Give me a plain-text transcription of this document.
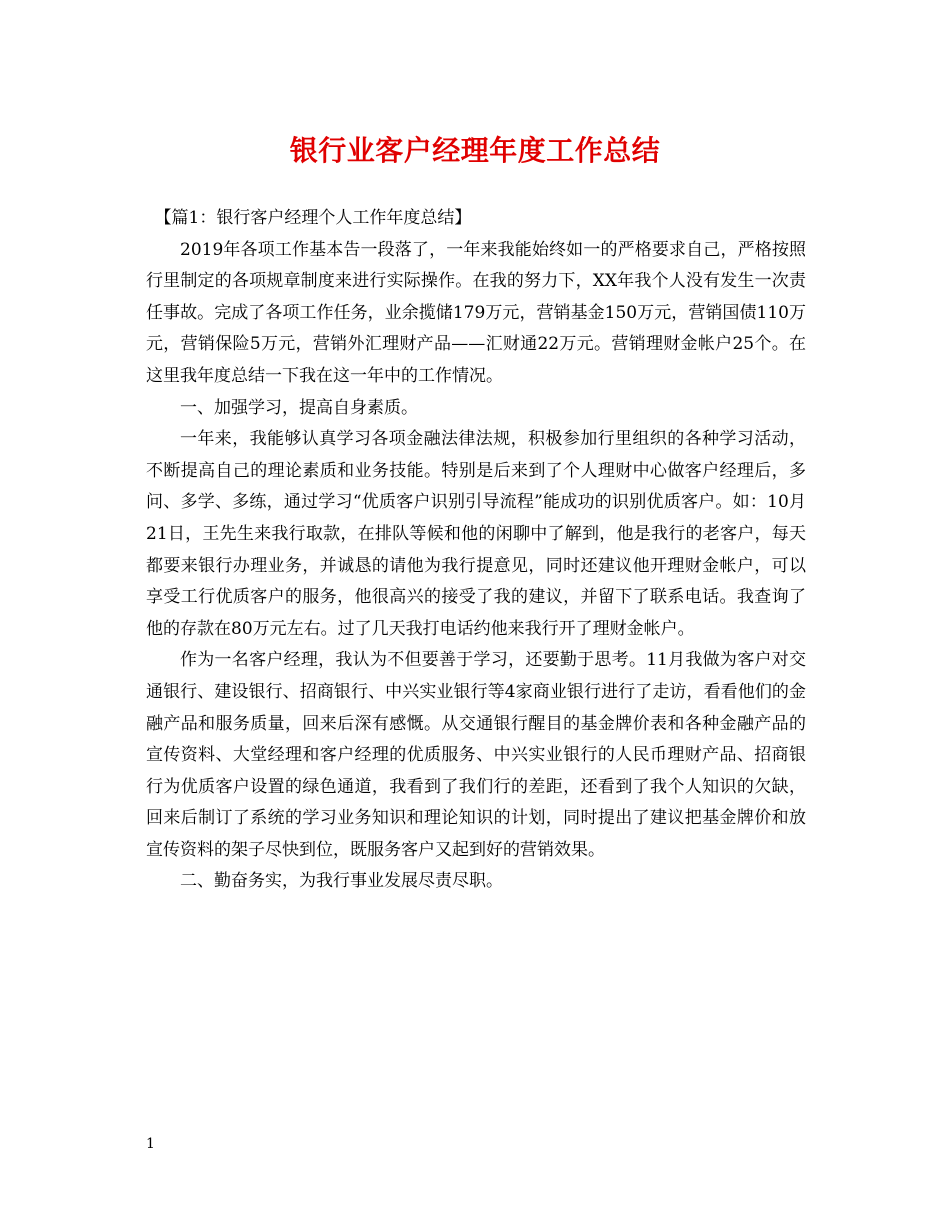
银行业客户经理年度工作总结

【篇1：银行客户经理个人工作年度总结】

2019年各项工作基本告一段落了，一年来我能始终如一的严格要求自己，严格按照行里制定的各项规章制度来进行实际操作。在我的努力下，XX年我个人没有发生一次责任事故。完成了各项工作任务，业余揽储179万元，营销基金150万元，营销国债110万元，营销保险5万元，营销外汇理财产品——汇财通22万元。营销理财金帐户25个。在这里我年度总结一下我在这一年中的工作情况。

一、加强学习，提高自身素质。

一年来，我能够认真学习各项金融法律法规，积极参加行里组织的各种学习活动，不断提高自己的理论素质和业务技能。特别是后来到了个人理财中心做客户经理后，多问、多学、多练，通过学习“优质客户识别引导流程”能成功的识别优质客户。如：10月21日，王先生来我行取款，在排队等候和他的闲聊中了解到，他是我行的老客户，每天都要来银行办理业务，并诚恳的请他为我行提意见，同时还建议他开理财金帐户，可以享受工行优质客户的服务，他很高兴的接受了我的建议，并留下了联系电话。我查询了他的存款在80万元左右。过了几天我打电话约他来我行开了理财金帐户。

作为一名客户经理，我认为不但要善于学习，还要勤于思考。11月我做为客户对交通银行、建设银行、招商银行、中兴实业银行等4家商业银行进行了走访，看看他们的金融产品和服务质量，回来后深有感慨。从交通银行醒目的基金牌价表和各种金融产品的宣传资料、大堂经理和客户经理的优质服务、中兴实业银行的人民币理财产品、招商银行为优质客户设置的绿色通道，我看到了我们行的差距，还看到了我个人知识的欠缺，回来后制订了系统的学习业务知识和理论知识的计划，同时提出了建议把基金牌价和放宣传资料的架子尽快到位，既服务客户又起到好的营销效果。

二、勤奋务实，为我行事业发展尽责尽职。

1
